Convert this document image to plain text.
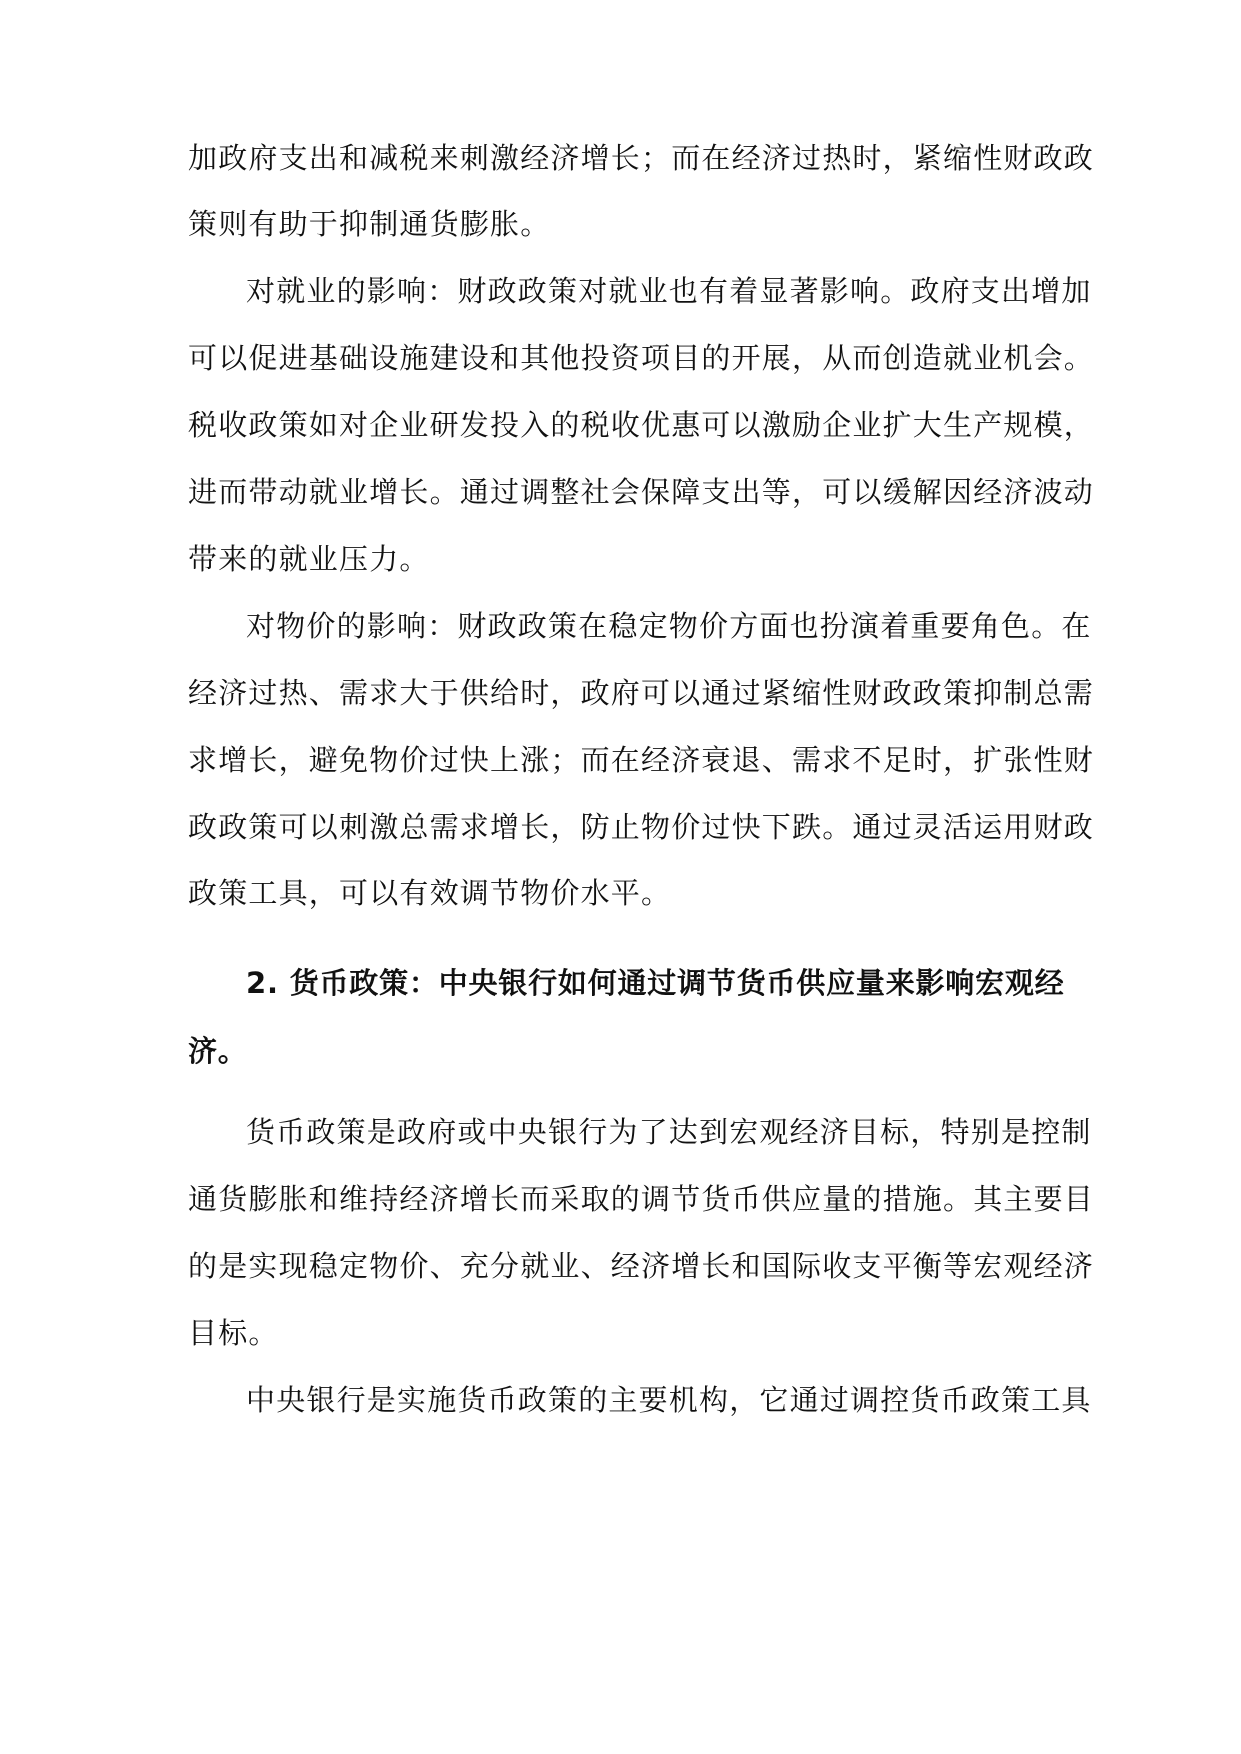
加政府支出和减税来刺激经济增长；而在经济过热时，紧缩性财政政
策则有助于抑制通货膨胀。
对就业的影响：财政政策对就业也有着显著影响。政府支出增加
可以促进基础设施建设和其他投资项目的开展，从而创造就业机会。
税收政策如对企业研发投入的税收优惠可以激励企业扩大生产规模，
进而带动就业增长。通过调整社会保障支出等，可以缓解因经济波动
带来的就业压力。
对物价的影响：财政政策在稳定物价方面也扮演着重要角色。在
经济过热、需求大于供给时，政府可以通过紧缩性财政政策抑制总需
求增长，避免物价过快上涨；而在经济衰退、需求不足时，扩张性财
政政策可以刺激总需求增长，防止物价过快下跌。通过灵活运用财政
政策工具，可以有效调节物价水平。
2. 货币政策：中央银行如何通过调节货币供应量来影响宏观经
济。
货币政策是政府或中央银行为了达到宏观经济目标，特别是控制
通货膨胀和维持经济增长而采取的调节货币供应量的措施。其主要目
的是实现稳定物价、充分就业、经济增长和国际收支平衡等宏观经济
目标。
中央银行是实施货币政策的主要机构，它通过调控货币政策工具
